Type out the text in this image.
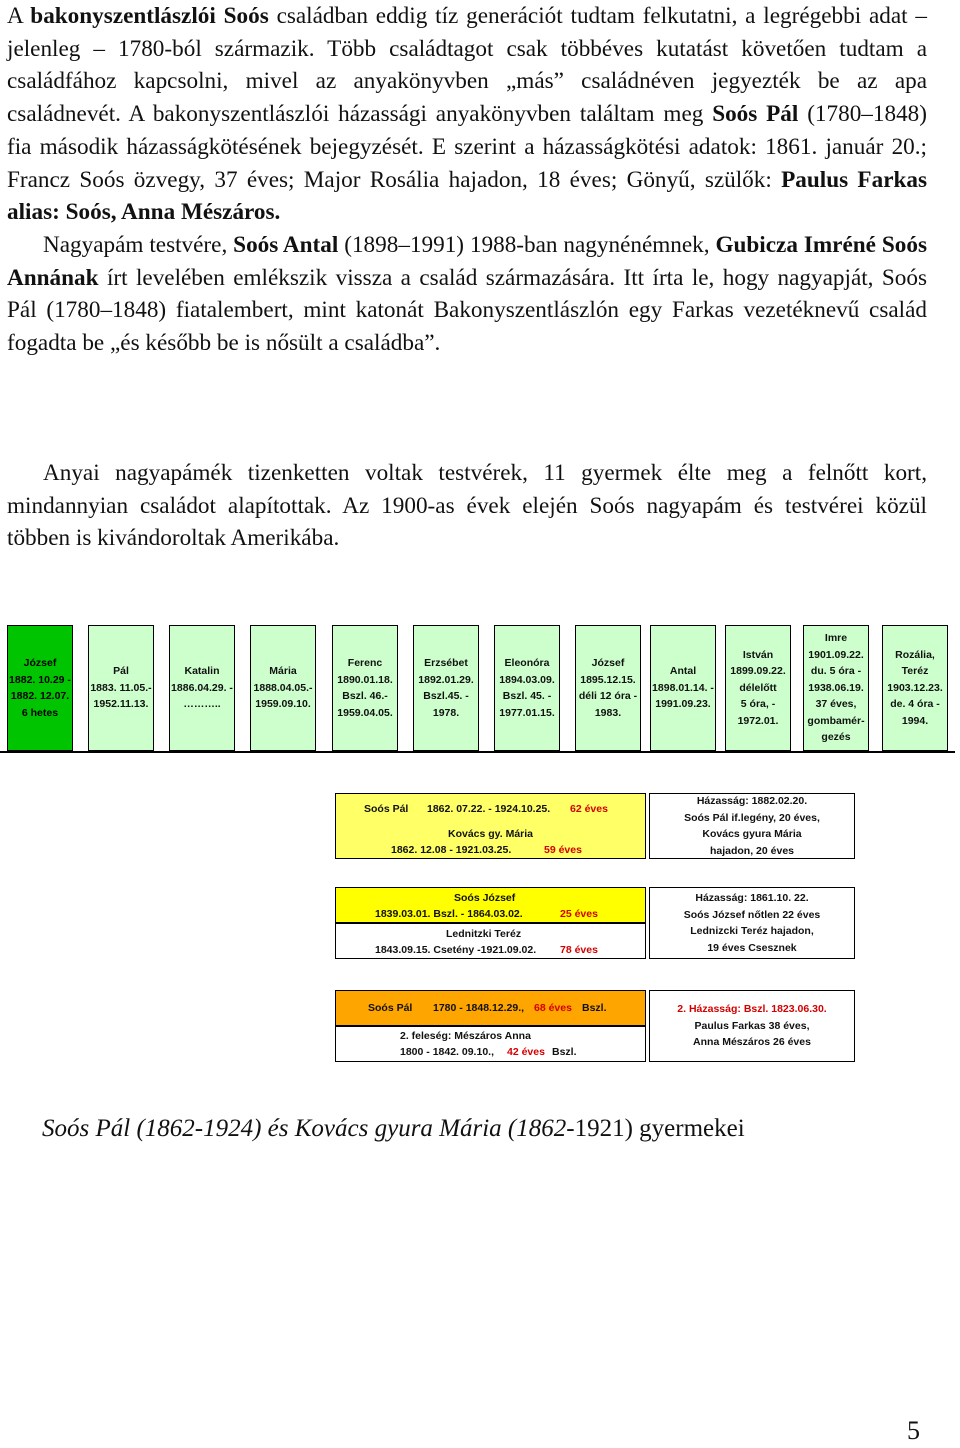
A bakonyszentlászlói Soós családban eddig tíz generációt tudtam felkutatni, a legrégebbi adat – jelenleg – 1780-ból származik. Több családtagot csak többéves kutatást követően tudtam a családfához kapcsolni, mivel az anyakönyvben „más” családnéven jegyezték be az apa családnevét. A bakonyszentlászlói házassági anyakönyvben találtam meg Soós Pál (1780–1848) fia második házasságkötésének bejegyzését. E szerint a házasságkötési adatok: 1861. január 20.; Francz Soós özvegy, 37 éves; Major Rosália hajadon, 18 éves; Gönyű, szülők: Paulus Farkas alias: Soós, Anna Mészáros.

Nagyapám testvére, Soós Antal (1898–1991) 1988-ban nagynénémnek, Gubicza Imréné Soós Annának írt levelében emlékszik vissza a család származására. Itt írta le, hogy nagyapját, Soós Pál (1780–1848) fiatalembert, mint katonát Bakonyszentlászlón egy Farkas vezetéknevű család fogadta be „és később be is nősült a családba”.

Anyai nagyapámék tizenketten voltak testvérek, 11 gyermek élte meg a felnőtt kort, mindannyian családot alapítottak. Az 1900-as évek elején Soós nagyapám és testvérei közül többen is kivándoroltak Amerikába.

József
1882. 10.29 -
1882. 12.07.
6 hetes
Pál
1883. 11.05.-
1952.11.13.
Katalin
1886.04.29. -
………..
Mária
1888.04.05.-
1959.09.10.
Ferenc
1890.01.18.
Bszl. 46.-
1959.04.05.
Erzsébet
1892.01.29.
Bszl.45. -
1978.
Eleonóra
1894.03.09.
Bszl. 45. -
1977.01.15.
József
1895.12.15.
déli 12 óra -
1983.
Antal
1898.01.14. -
1991.09.23.
István
1899.09.22.
délelőtt
5 óra, -
1972.01.
Imre
1901.09.22.
du. 5 óra -
1938.06.19.
37 éves,
gombamér-
gezés
Rozália,
Teréz
1903.12.23.
de. 4 óra -
1994.
Soós Pál 1862. 07.22. - 1924.10.25. 62 éves
Kovács gy. Mária
1862. 12.08 - 1921.03.25.	59 éves
Házasság: 1882.02.20.
Soós Pál if.legény, 20 éves,
Kovács gyura Mária
hajadon, 20 éves
Soós József
1839.03.01. Bszl. - 1864.03.02.	25 éves
Lednitzki Teréz
1843.09.15. Csetény -1921.09.02. 78 éves
Házasság: 1861.10. 22.
Soós József nőtlen 22 éves
Lednizcki Teréz hajadon,
19 éves Csesznek
Soós Pál 1780 - 1848.12.29., 68 éves Bszl.
2. feleség: Mészáros Anna
1800 - 1842. 09.10., 42 éves Bszl.
2. Házasság: Bszl. 1823.06.30.
Paulus Farkas 38 éves,
Anna Mészáros 26 éves
Soós Pál (1862-1924) és Kovács gyura Mária (1862-1921) gyermekei
5
